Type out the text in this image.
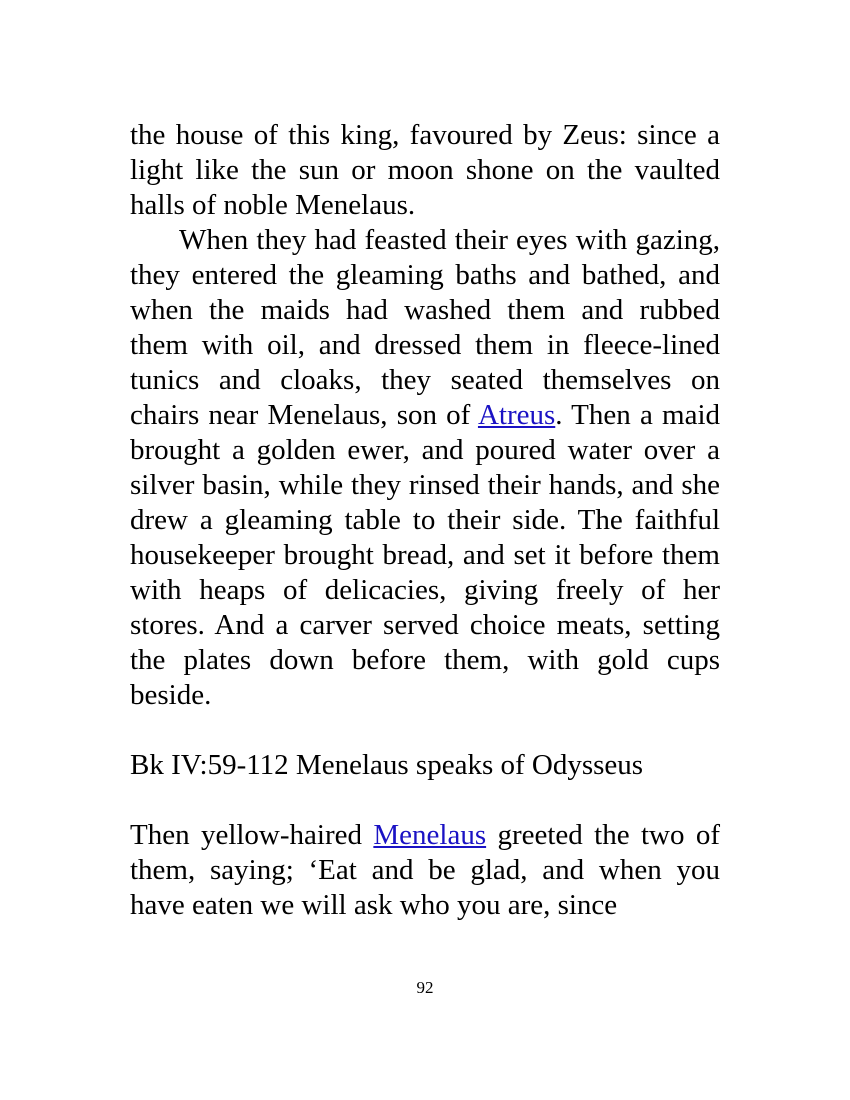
the house of this king, favoured by Zeus: since a light like the sun or moon shone on the vaulted halls of noble Menelaus.

When they had feasted their eyes with gazing, they entered the gleaming baths and bathed, and when the maids had washed them and rubbed them with oil, and dressed them in fleece-lined tunics and cloaks, they seated themselves on chairs near Menelaus, son of Atreus. Then a maid brought a golden ewer, and poured water over a silver basin, while they rinsed their hands, and she drew a gleaming table to their side. The faithful housekeeper brought bread, and set it before them with heaps of delicacies, giving freely of her stores. And a carver served choice meats, setting the plates down before them, with gold cups beside.

Bk IV:59-112 Menelaus speaks of Odysseus

Then yellow-haired Menelaus greeted the two of them, saying; ‘Eat and be glad, and when you have eaten we will ask who you are, since

92
